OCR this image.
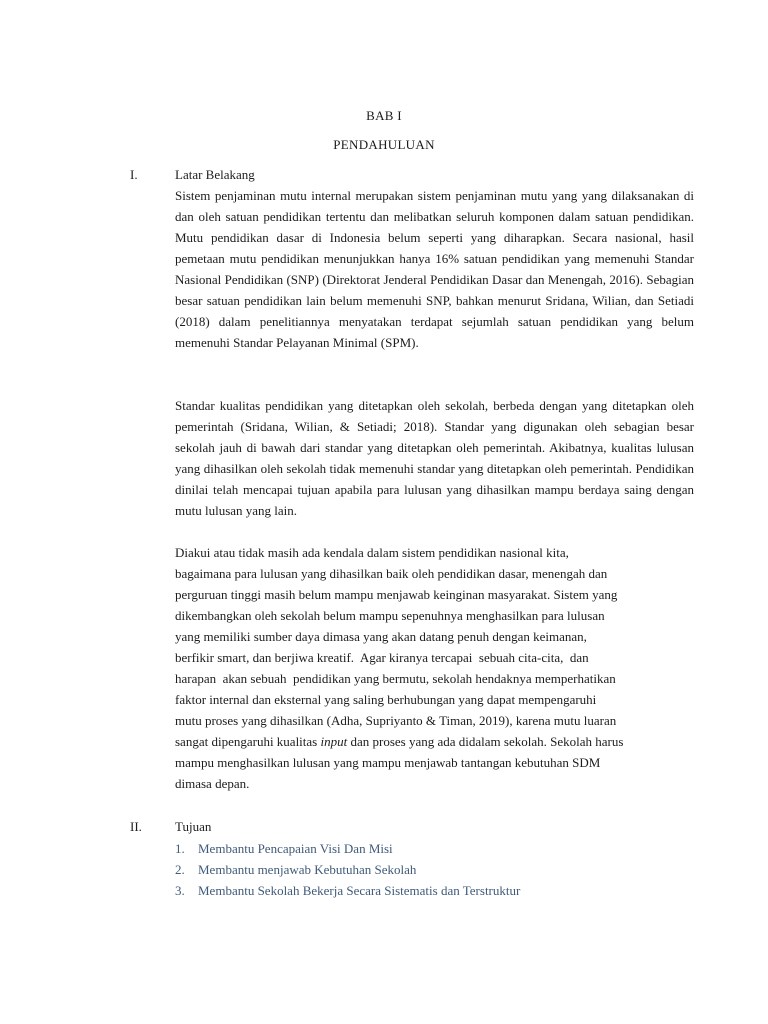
BAB I
PENDAHULUAN
I.	Latar Belakang

Sistem penjaminan mutu internal merupakan sistem penjaminan mutu yang yang dilaksanakan di dan oleh satuan pendidikan tertentu dan melibatkan seluruh komponen dalam satuan pendidikan. Mutu pendidikan dasar di Indonesia belum seperti yang diharapkan. Secara nasional, hasil pemetaan mutu pendidikan menunjukkan hanya 16% satuan pendidikan yang memenuhi Standar Nasional Pendidikan (SNP) (Direktorat Jenderal Pendidikan Dasar dan Menengah, 2016). Sebagian besar satuan pendidikan lain belum memenuhi SNP, bahkan menurut Sridana, Wilian, dan Setiadi (2018) dalam penelitiannya menyatakan terdapat sejumlah satuan pendidikan yang belum memenuhi Standar Pelayanan Minimal (SPM).

Standar kualitas pendidikan yang ditetapkan oleh sekolah, berbeda dengan yang ditetapkan oleh pemerintah (Sridana, Wilian, & Setiadi; 2018). Standar yang digunakan oleh sebagian besar sekolah jauh di bawah dari standar yang ditetapkan oleh pemerintah. Akibatnya, kualitas lulusan yang dihasilkan oleh sekolah tidak memenuhi standar yang ditetapkan oleh pemerintah. Pendidikan dinilai telah mencapai tujuan apabila para lulusan yang dihasilkan mampu berdaya saing dengan mutu lulusan yang lain.

Diakui atau tidak masih ada kendala dalam sistem pendidikan nasional kita,
bagaimana para lulusan yang dihasilkan baik oleh pendidikan dasar, menengah dan
perguruan tinggi masih belum mampu menjawab keinginan masyarakat. Sistem yang
dikembangkan oleh sekolah belum mampu sepenuhnya menghasilkan para lulusan
yang memiliki sumber daya dimasa yang akan datang penuh dengan keimanan,
berfikir smart, dan berjiwa kreatif.  Agar kiranya tercapai  sebuah cita-cita,  dan
harapan  akan sebuah  pendidikan yang bermutu, sekolah hendaknya memperhatikan
faktor internal dan eksternal yang saling berhubungan yang dapat mempengaruhi
mutu proses yang dihasilkan (Adha, Supriyanto & Timan, 2019), karena mutu luaran
sangat dipengaruhi kualitas input dan proses yang ada didalam sekolah. Sekolah harus
mampu menghasilkan lulusan yang mampu menjawab tantangan kebutuhan SDM
dimasa depan.
II.	Tujuan
1.	Membantu Pencapaian Visi Dan Misi
2.	Membantu menjawab Kebutuhan Sekolah
3.	Membantu Sekolah Bekerja Secara Sistematis dan Terstruktur
